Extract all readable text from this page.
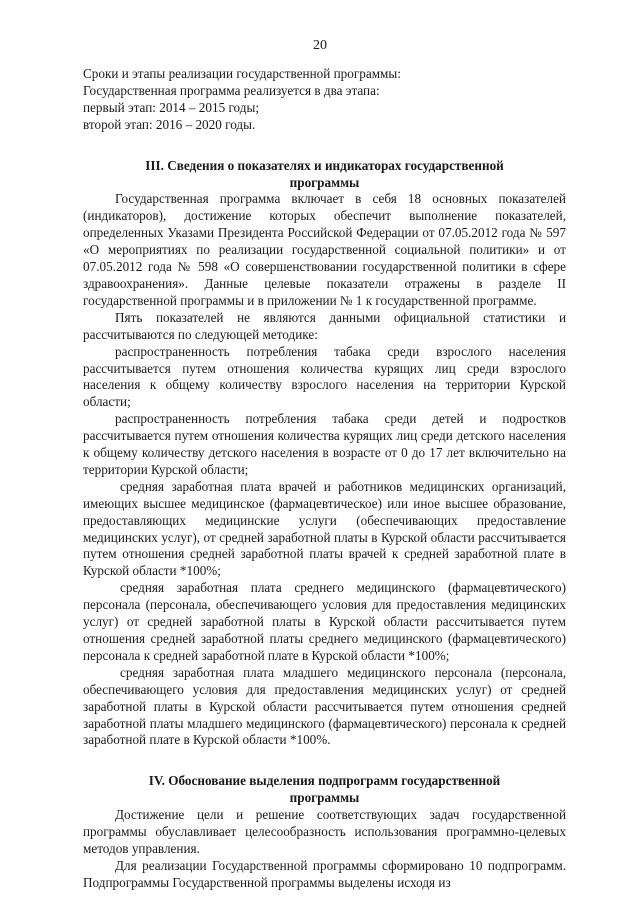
20

Сроки и этапы реализации государственной программы:

Государственная программа реализуется в два этапа:

первый этап: 2014 – 2015 годы;

второй этап: 2016 – 2020 годы.

III. Сведения о показателях и индикаторах государственной программы

Государственная программа включает в себя 18 основных показателей (индикаторов), достижение которых обеспечит выполнение показателей, определенных Указами Президента Российской Федерации от 07.05.2012 года № 597 «О мероприятиях по реализации государственной социальной политики» и от 07.05.2012 года № 598 «О совершенствовании государственной политики в сфере здравоохранения». Данные целевые показатели отражены в разделе II государственной программы и в приложении № 1 к государственной программе.

Пять показателей не являются данными официальной статистики и рассчитываются по следующей методике:

распространенность потребления табака среди взрослого населения рассчитывается путем отношения количества курящих лиц среди взрослого населения к общему количеству взрослого населения на территории Курской области;

распространенность потребления табака среди детей и подростков рассчитывается путем отношения количества курящих лиц среди детского населения к общему количеству детского населения в возрасте от 0 до 17 лет включительно на территории Курской области;

средняя заработная плата врачей и работников медицинских организаций, имеющих высшее медицинское (фармацевтическое) или иное высшее образование, предоставляющих медицинские услуги (обеспечивающих предоставление медицинских услуг), от средней заработной платы в Курской области рассчитывается путем отношения средней заработной платы врачей к средней заработной плате в Курской области *100%;

средняя заработная плата среднего медицинского (фармацевтического) персонала (персонала, обеспечивающего условия для предоставления медицинских услуг) от средней заработной платы в Курской области рассчитывается путем отношения средней заработной платы среднего медицинского (фармацевтического) персонала к средней заработной плате в Курской области *100%;

средняя заработная плата младшего медицинского персонала (персонала, обеспечивающего условия для предоставления медицинских услуг) от средней заработной платы в Курской области рассчитывается путем отношения средней заработной платы младшего медицинского (фармацевтического) персонала к средней заработной плате в Курской области *100%.

IV. Обоснование выделения подпрограмм государственной программы

Достижение цели и решение соответствующих задач государственной программы обуславливает целесообразность использования программно-целевых методов управления.

Для реализации Государственной программы сформировано 10 подпрограмм. Подпрограммы Государственной программы выделены исходя из
